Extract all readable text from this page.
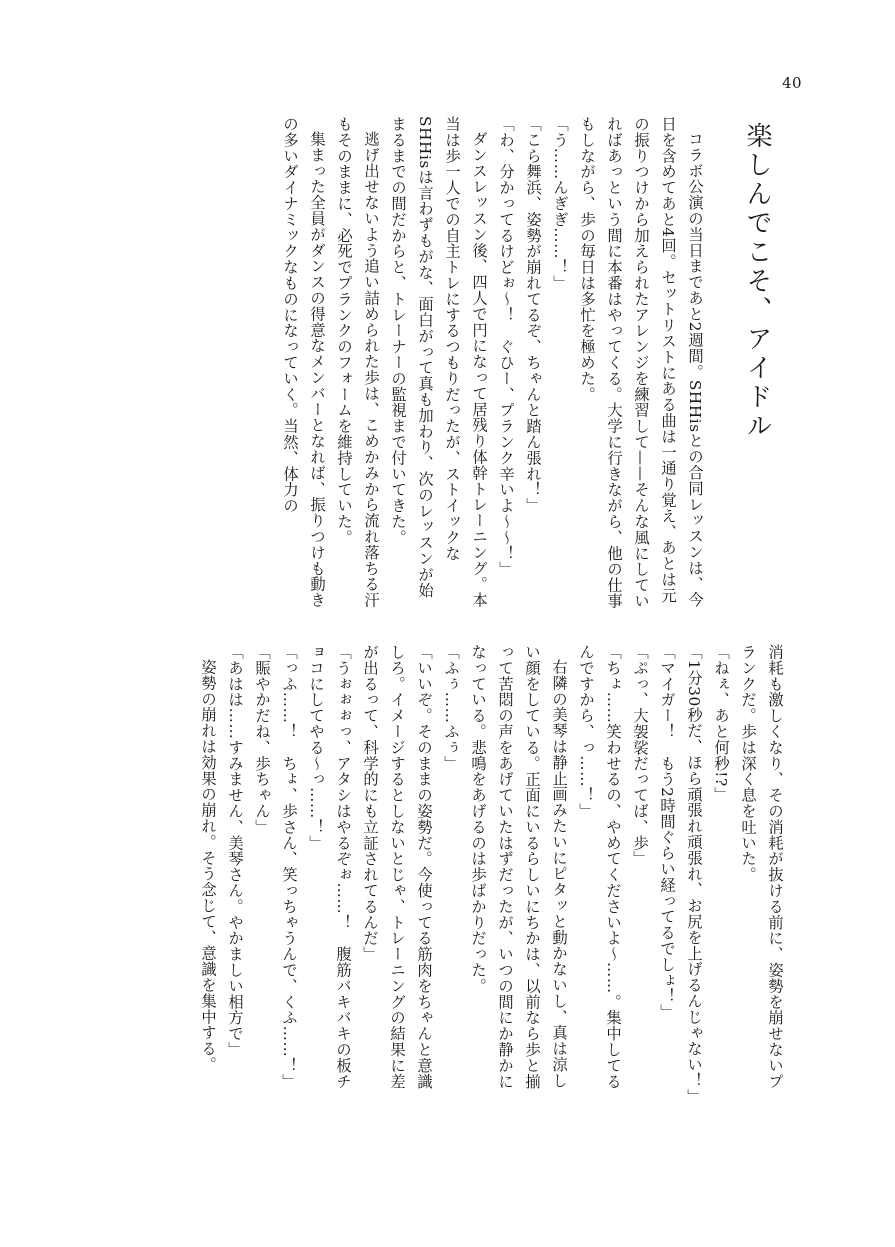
40
楽しんでこそ、アイドル

コラボ公演の当日まであと2週間。SHHisとの合同レッスンは、今日を含めてあと4回。セットリストにある曲は一通り覚え、あとは元の振りつけから加えられたアレンジを練習して——そんな風にしていればあっという間に本番はやってくる。大学に行きながら、他の仕事もしながら、歩の毎日は多忙を極めた。

「う……んぎぎ……！」

「こら舞浜、姿勢が崩れてるぞ、ちゃんと踏ん張れ！」

「わ、分かってるけどぉ～！　ぐひー、プランク辛いよ～～！」

ダンスレッスン後、四人で円になって居残り体幹トレーニング。本当は歩一人での自主トレにするつもりだったが、ストイックなSHHisは言わずもがな、面白がって真も加わり、次のレッスンが始まるまでの間だからと、トレーナーの監視まで付いてきた。

逃げ出せないよう追い詰められた歩は、こめかみから流れ落ちる汗もそのままに、必死でプランクのフォームを維持していた。

集まった全員がダンスの得意なメンバーとなれば、振りつけも動きの多いダイナミックなものになっていく。当然、体力の

消耗も激しくなり、その消耗が抜ける前に、姿勢を崩せないプランクだ。歩は深く息を吐いた。

「ねぇ、あと何秒!?」

「1分30秒だ、ほら頑張れ頑張れ、お尻を上げるんじゃない！」

「マイガー！　もう2時間ぐらい経ってるでしょ！」

「ぷっ、大袈裟だってば、歩」

「ちょ……笑わせるの、やめてくださいよ～……。集中してるんですから、っ……！」

右隣の美琴は静止画みたいにピタッと動かないし、真は涼しい顔をしている。正面にいるらしいにちかは、以前なら歩と揃って苦悶の声をあげていたはずだったが、いつの間にか静かになっている。悲鳴をあげるのは歩ばかりだった。

「ふぅ……ふぅ」

「いいぞ。そのままの姿勢だ。今使ってる筋肉をちゃんと意識しろ。イメージするとしないとじゃ、トレーニングの結果に差が出るって、科学的にも立証されてるんだ」

「うぉぉぉっ、アタシはやるぞぉ……！　腹筋バキバキの板チョコにしてやる～っ……！」

「っふ……！　ちょ、歩さん、笑っちゃうんで、くふ……！」

「賑やかだね、歩ちゃん」

「あはは……すみません、美琴さん。やかましい相方で」

姿勢の崩れは効果の崩れ。そう念じて、意識を集中する。
